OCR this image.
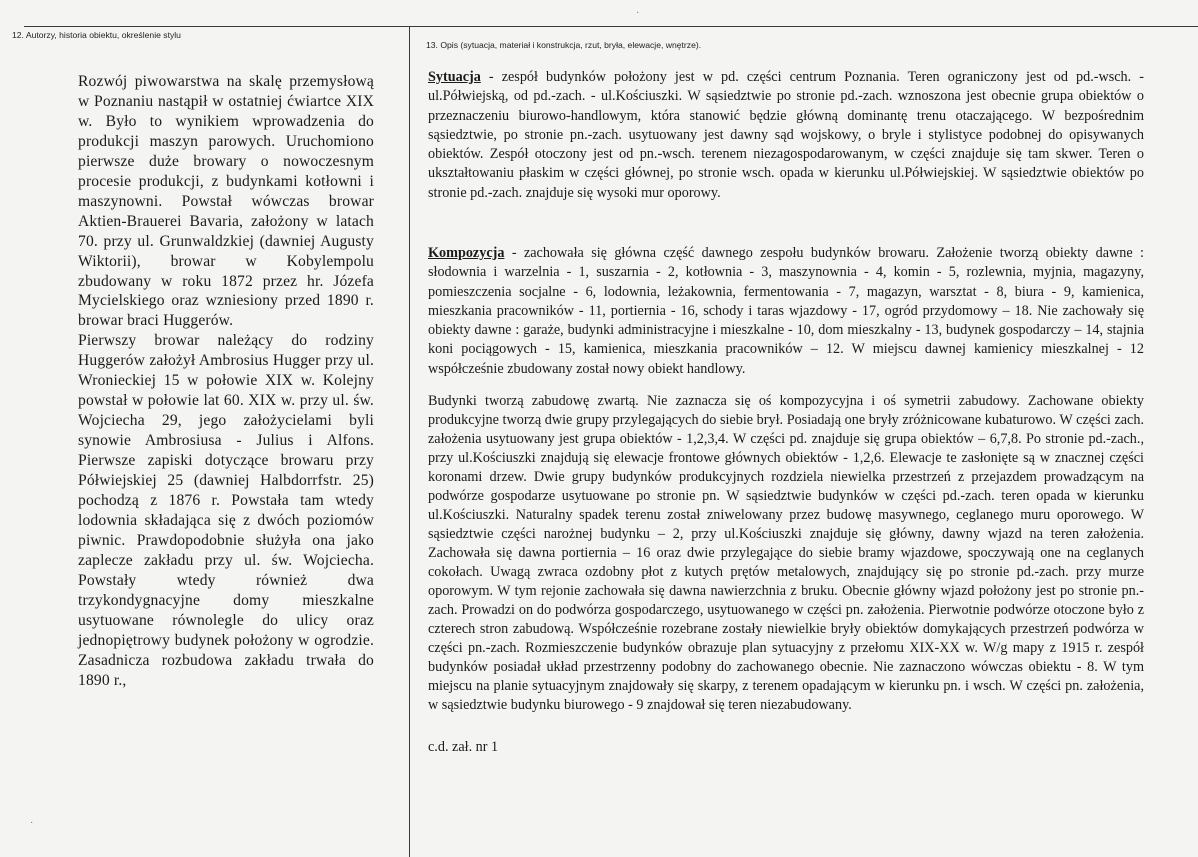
12. Autorzy, historia obiektu, określenie stylu

Rozwój piwowarstwa na skalę przemysłową w Poznaniu nastąpił w ostatniej ćwiartce XIX w. Było to wynikiem wprowadzenia do produkcji maszyn parowych. Uruchomiono pierwsze duże browary o nowoczesnym procesie produkcji, z budynkami kotłowni i maszynowni. Powstał wówczas browar Aktien-Brauerei Bavaria, założony w latach 70. przy ul. Grunwaldzkiej (dawniej Augusty Wiktorii), browar w Kobylempolu zbudowany w roku 1872 przez hr. Józefa Mycielskiego oraz wzniesiony przed 1890 r. browar braci Huggerów.

Pierwszy browar należący do rodziny Huggerów założył Ambrosius Hugger przy ul. Wronieckiej 15 w połowie XIX w. Kolejny powstał w połowie lat 60. XIX w. przy ul. św. Wojciecha 29, jego założycielami byli synowie Ambrosiusa - Julius i Alfons. Pierwsze zapiski dotyczące browaru przy Półwiejskiej 25 (dawniej Halbdorrfstr. 25) pochodzą z 1876 r. Powstała tam wtedy lodownia składająca się z dwóch poziomów piwnic. Prawdopodobnie służyła ona jako zaplecze zakładu przy ul. św. Wojciecha. Powstały wtedy również dwa trzykondygnacyjne domy mieszkalne usytuowane równolegle do ulicy oraz jednopiętrowy budynek położony w ogrodzie. Zasadnicza rozbudowa zakładu trwała do 1890 r.,

13. Opis (sytuacja, materiał i konstrukcja, rzut, bryła, elewacje, wnętrze).

Sytuacja - zespół budynków położony jest w pd. części centrum Poznania. Teren ograniczony jest od pd.-wsch. - ul.Półwiejską, od pd.-zach. - ul.Kościuszki. W sąsiedztwie po stronie pd.-zach. wznoszona jest obecnie grupa obiektów o przeznaczeniu biurowo-handlowym, która stanowić będzie główną dominantę trenu otaczającego. W bezpośrednim sąsiedztwie, po stronie pn.-zach. usytuowany jest dawny sąd wojskowy, o bryle i stylistyce podobnej do opisywanych obiektów. Zespół otoczony jest od pn.-wsch. terenem niezagospodarowanym, w części znajduje się tam skwer. Teren o ukształtowaniu płaskim w części głównej, po stronie wsch. opada w kierunku ul.Półwiejskiej. W sąsiedztwie obiektów po stronie pd.-zach. znajduje się wysoki mur oporowy.

Kompozycja - zachowała się główna część dawnego zespołu budynków browaru. Założenie tworzą obiekty dawne : słodownia i warzelnia - 1, suszarnia - 2, kotłownia - 3, maszynownia - 4, komin - 5, rozlewnia, myjnia, magazyny, pomieszczenia socjalne - 6, lodownia, leżakownia, fermentowania - 7, magazyn, warsztat - 8, biura - 9, kamienica, mieszkania pracowników - 11, portiernia - 16, schody i taras wjazdowy - 17, ogród przydomowy – 18. Nie zachowały się obiekty dawne : garaże, budynki administracyjne i mieszkalne - 10, dom mieszkalny - 13, budynek gospodarczy – 14, stajnia koni pociągowych - 15, kamienica, mieszkania pracowników – 12. W miejscu dawnej kamienicy mieszkalnej - 12 współcześnie zbudowany został nowy obiekt handlowy.

Budynki tworzą zabudowę zwartą. Nie zaznacza się oś kompozycyjna i oś symetrii zabudowy. Zachowane obiekty produkcyjne tworzą dwie grupy przylegających do siebie brył. Posiadają one bryły zróżnicowane kubaturowo. W części zach. założenia usytuowany jest grupa obiektów - 1,2,3,4. W części pd. znajduje się grupa obiektów – 6,7,8. Po stronie pd.-zach., przy ul.Kościuszki znajdują się elewacje frontowe głównych obiektów - 1,2,6. Elewacje te zasłonięte są w znacznej części koronami drzew. Dwie grupy budynków produkcyjnych rozdziela niewielka przestrzeń z przejazdem prowadzącym na podwórze gospodarze usytuowane po stronie pn. W sąsiedztwie budynków w części pd.-zach. teren opada w kierunku ul.Kościuszki. Naturalny spadek terenu został zniwelowany przez budowę masywnego, ceglanego muru oporowego. W sąsiedztwie części narożnej budynku – 2, przy ul.Kościuszki znajduje się główny, dawny wjazd na teren założenia. Zachowała się dawna portiernia – 16 oraz dwie przylegające do siebie bramy wjazdowe, spoczywają one na ceglanych cokołach. Uwagą zwraca ozdobny płot z kutych prętów metalowych, znajdujący się po stronie pd.-zach. przy murze oporowym. W tym rejonie zachowała się dawna nawierzchnia z bruku. Obecnie główny wjazd położony jest po stronie pn.-zach. Prowadzi on do podwórza gospodarczego, usytuowanego w części pn. założenia. Pierwotnie podwórze otoczone było z czterech stron zabudową. Współcześnie rozebrane zostały niewielkie bryły obiektów domykających przestrzeń podwórza w części pn.-zach. Rozmieszczenie budynków obrazuje plan sytuacyjny z przełomu XIX-XX w. W/g mapy z 1915 r. zespół budynków posiadał układ przestrzenny podobny do zachowanego obecnie. Nie zaznaczono wówczas obiektu - 8. W tym miejscu na planie sytuacyjnym znajdowały się skarpy, z terenem opadającym w kierunku pn. i wsch. W części pn. założenia, w sąsiedztwie budynku biurowego - 9 znajdował się teren niezabudowany.

c.d. zał. nr 1
·
·
